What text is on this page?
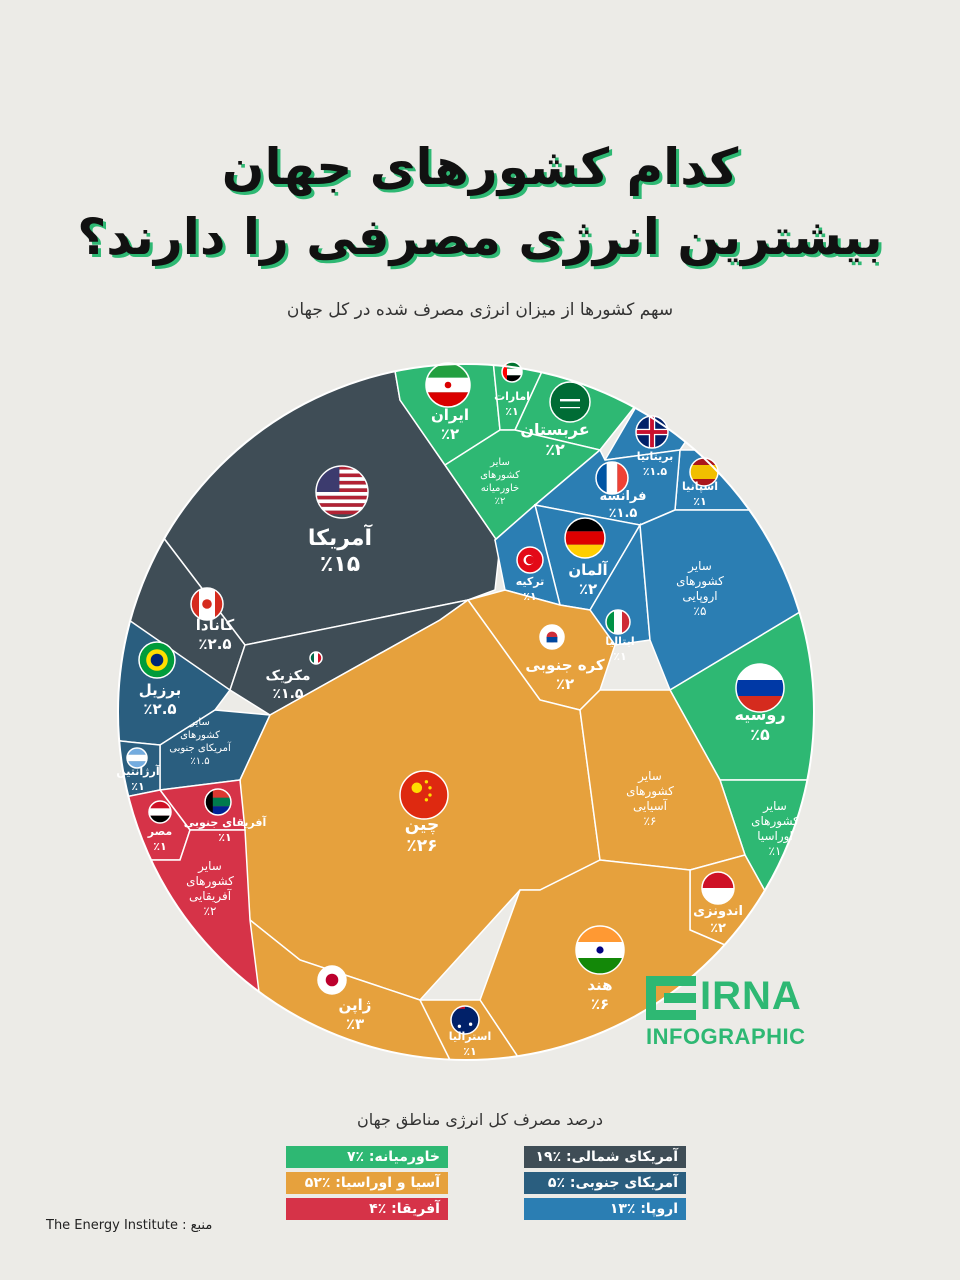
کدام کشورهای جهان
بیشترین انرژی مصرفی را دارند؟
سهم کشورها از میزان انرژی مصرف شده در کل جهان
آمریکا
٪۱۵
کانادا
٪۲.۵
مکزیک
٪۱.۵
برزیل
٪۲.۵
سایر
کشورهای
آمریکای جنوبی
٪۱.۵
آرژانتین
٪۱
ایران
٪۲
امارات
٪۱
عربستان
٪۲
سایر
کشورهای
خاورمیانه
٪۲
بریتانیا
٪۱.۵
اسپانیا
٪۱
فرانسه
٪۱.۵
آلمان
٪۲
ترکیه
٪۱
ایتالیا
٪۱
سایر
کشورهای
اروپایی
٪۵
روسیه
٪۵
سایر
کشورهای
اوراسیا
٪۱
کره جنوبی
٪۲
چین
٪۲۶
سایر
کشورهای
آسیایی
٪۶
اندونزی
٪۲
هند
٪۶
ژاپن
٪۳
استرالیا
٪۱
آفریقای جنوبی
٪۱
مصر
٪۱
سایر
کشورهای
آفریقایی
٪۲
درصد مصرف کل انرژی مناطق جهان
خاورمیانه: ٪۷
آسیا و اوراسیا: ٪۵۲
آفریقا: ٪۴
آمریکای شمالی: ٪۱۹
آمریکای جنوبی: ٪۵
اروپا: ٪۱۳
The Energy Institute : منبع
IRNA
INFOGRAPHIC
